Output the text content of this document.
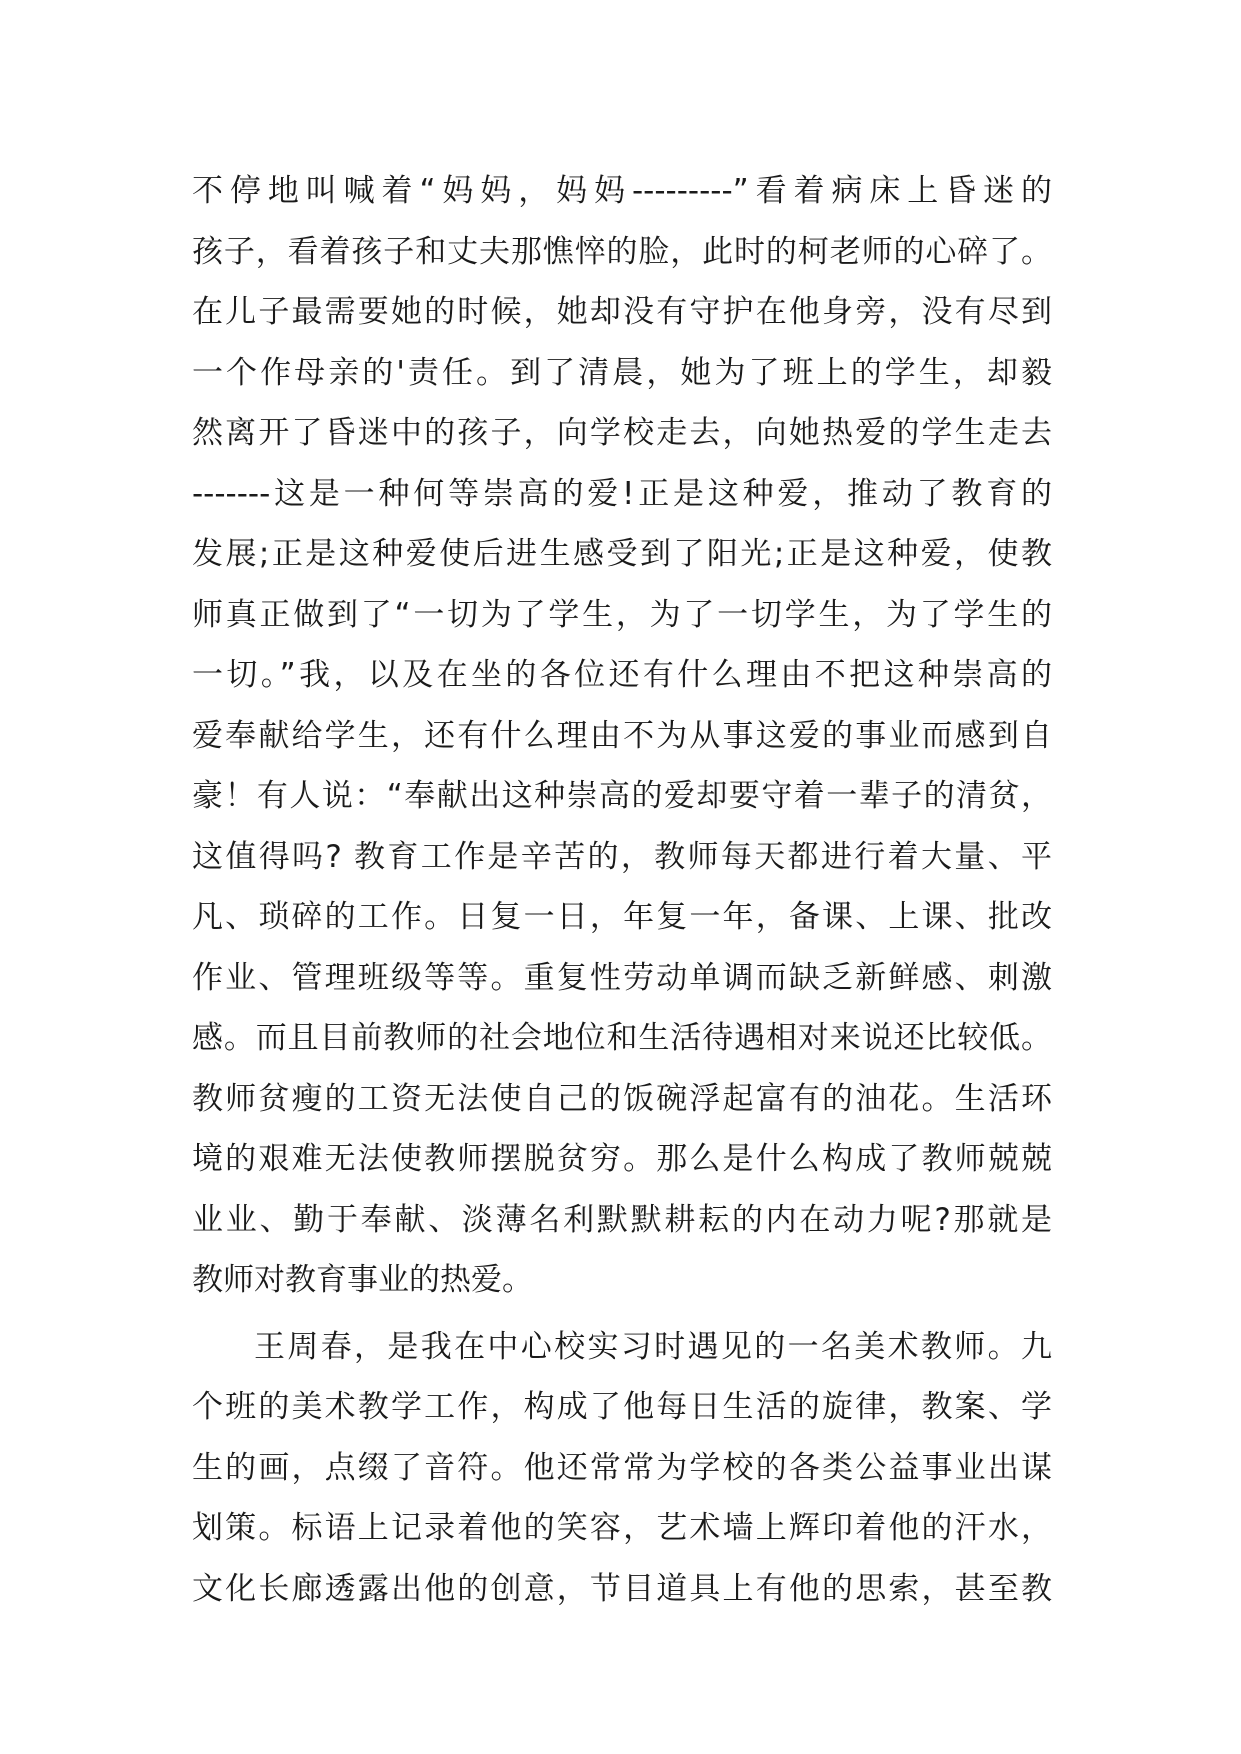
不停地叫喊着“妈妈，妈妈---------”看着病床上昏迷的
孩子，看着孩子和丈夫那憔悴的脸，此时的柯老师的心碎了。
在儿子最需要她的时候，她却没有守护在他身旁，没有尽到
一个作母亲的'责任。到了清晨，她为了班上的学生，却毅
然离开了昏迷中的孩子，向学校走去，向她热爱的学生走去
-------这是一种何等崇高的爱!正是这种爱，推动了教育的
发展;正是这种爱使后进生感受到了阳光;正是这种爱，使教
师真正做到了“一切为了学生，为了一切学生，为了学生的
一切。”我，以及在坐的各位还有什么理由不把这种崇高的
爱奉献给学生，还有什么理由不为从事这爱的事业而感到自
豪！有人说：“奉献出这种崇高的爱却要守着一辈子的清贫，
这值得吗? 教育工作是辛苦的，教师每天都进行着大量、平
凡、琐碎的工作。日复一日，年复一年，备课、上课、批改
作业、管理班级等等。重复性劳动单调而缺乏新鲜感、刺激
感。而且目前教师的社会地位和生活待遇相对来说还比较低。
教师贫瘦的工资无法使自己的饭碗浮起富有的油花。生活环
境的艰难无法使教师摆脱贫穷。那么是什么构成了教师兢兢
业业、勤于奉献、淡薄名利默默耕耘的内在动力呢?那就是
教师对教育事业的热爱。
王周春，是我在中心校实习时遇见的一名美术教师。九
个班的美术教学工作，构成了他每日生活的旋律，教案、学
生的画，点缀了音符。他还常常为学校的各类公益事业出谋
划策。标语上记录着他的笑容，艺术墙上辉印着他的汗水，
文化长廊透露出他的创意，节目道具上有他的思索，甚至教
